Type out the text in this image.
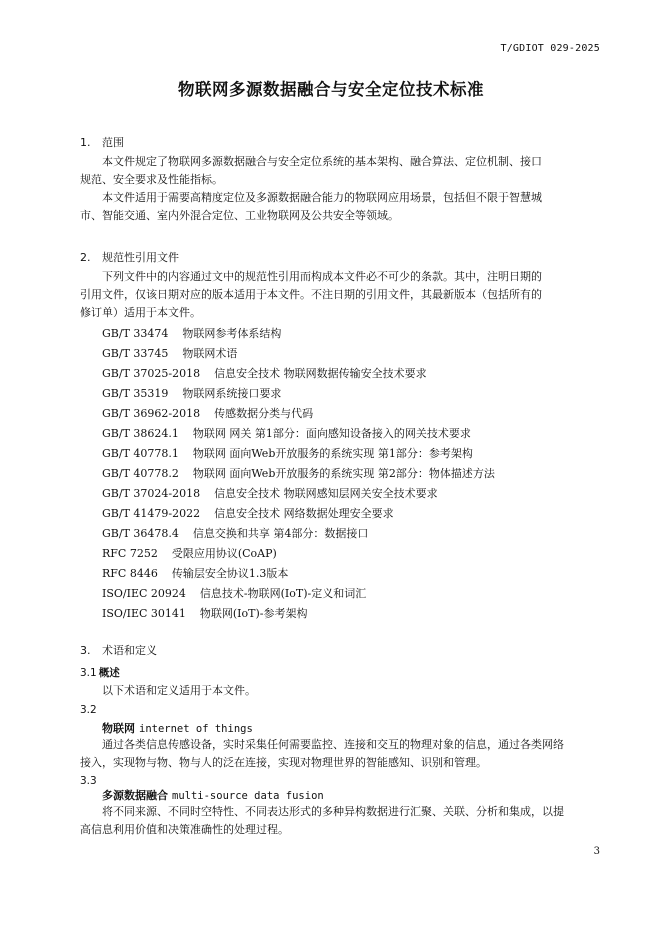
T/GDIOT 029-2025
物联网多源数据融合与安全定位技术标准
1. 范围
本文件规定了物联网多源数据融合与安全定位系统的基本架构、融合算法、定位机制、接口
规范、安全要求及性能指标。
本文件适用于需要高精度定位及多源数据融合能力的物联网应用场景，包括但不限于智慧城
市、智能交通、室内外混合定位、工业物联网及公共安全等领域。
2. 规范性引用文件
下列文件中的内容通过文中的规范性引用而构成本文件必不可少的条款。其中，注明日期的
引用文件，仅该日期对应的版本适用于本文件。不注日期的引用文件，其最新版本（包括所有的
修订单）适用于本文件。
GB/T 33474 物联网参考体系结构
GB/T 33745 物联网术语
GB/T 37025-2018 信息安全技术 物联网数据传输安全技术要求
GB/T 35319 物联网系统接口要求
GB/T 36962-2018 传感数据分类与代码
GB/T 38624.1 物联网 网关 第1部分：面向感知设备接入的网关技术要求
GB/T 40778.1 物联网 面向Web开放服务的系统实现 第1部分：参考架构
GB/T 40778.2 物联网 面向Web开放服务的系统实现 第2部分：物体描述方法
GB/T 37024-2018 信息安全技术 物联网感知层网关安全技术要求
GB/T 41479-2022 信息安全技术 网络数据处理安全要求
GB/T 36478.4 信息交换和共享 第4部分：数据接口
RFC 7252 受限应用协议(CoAP)
RFC 8446 传输层安全协议1.3版本
ISO/IEC 20924 信息技术-物联网(IoT)-定义和词汇
ISO/IEC 30141 物联网(IoT)-参考架构
3. 术语和定义
3.1 概述
以下术语和定义适用于本文件。
3.2
物联网 internet of things
通过各类信息传感设备，实时采集任何需要监控、连接和交互的物理对象的信息，通过各类网络
接入，实现物与物、物与人的泛在连接，实现对物理世界的智能感知、识别和管理。
3.3
多源数据融合 multi-source data fusion
将不同来源、不同时空特性、不同表达形式的多种异构数据进行汇聚、关联、分析和集成，以提
高信息利用价值和决策准确性的处理过程。
3
